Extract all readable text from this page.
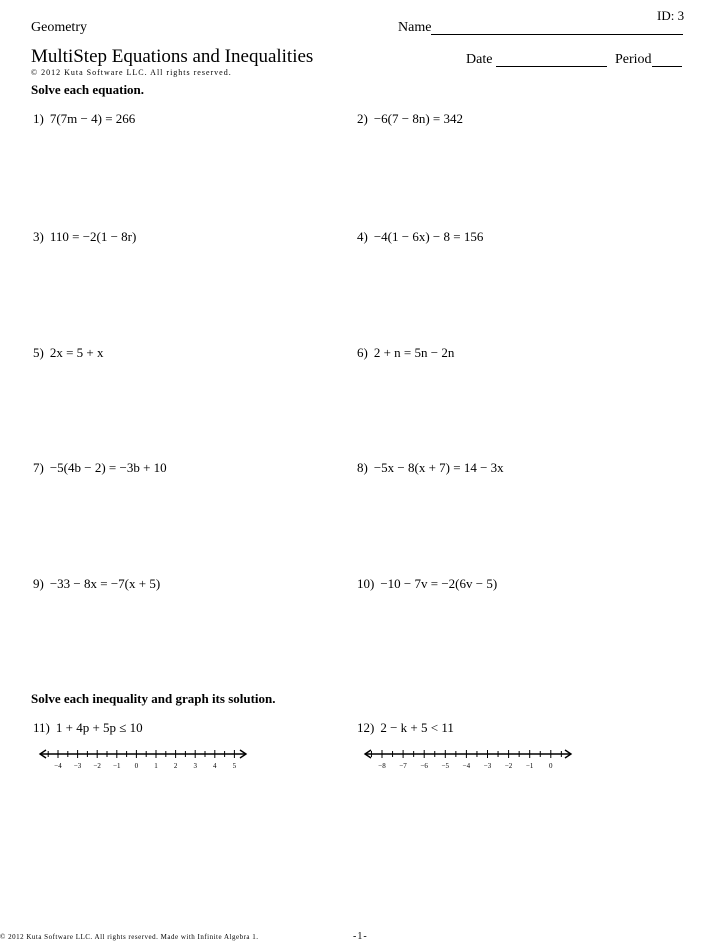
ID: 3
Geometry	Name
MultiStep Equations and Inequalities	Date	Period
© 2012 Kuta Software LLC. All rights reserved.
Solve each equation.
1) 7(7m − 4) = 266	2) −6(7 − 8n) = 342
3) 110 = −2(1 − 8r)	4) −4(1 − 6x) − 8 = 156
5) 2x = 5 + x	6) 2 + n = 5n − 2n
7) −5(4b − 2) = −3b + 10	8) −5x − 8(x + 7) = 14 − 3x
9) −33 − 8x = −7(x + 5)	10) −10 − 7v = −2(6v − 5)
Solve each inequality and graph its solution.
11) 1 + 4p + 5p ≤ 10	12) 2 − k + 5 < 11
−4 −3 −2 −1 0 1 2 3 4 5	−8 −7 −6 −5 −4 −3 −2 −1 0
© 2012 Kuta Software LLC. All rights reserved. Made with Infinite Algebra 1.	-1-
